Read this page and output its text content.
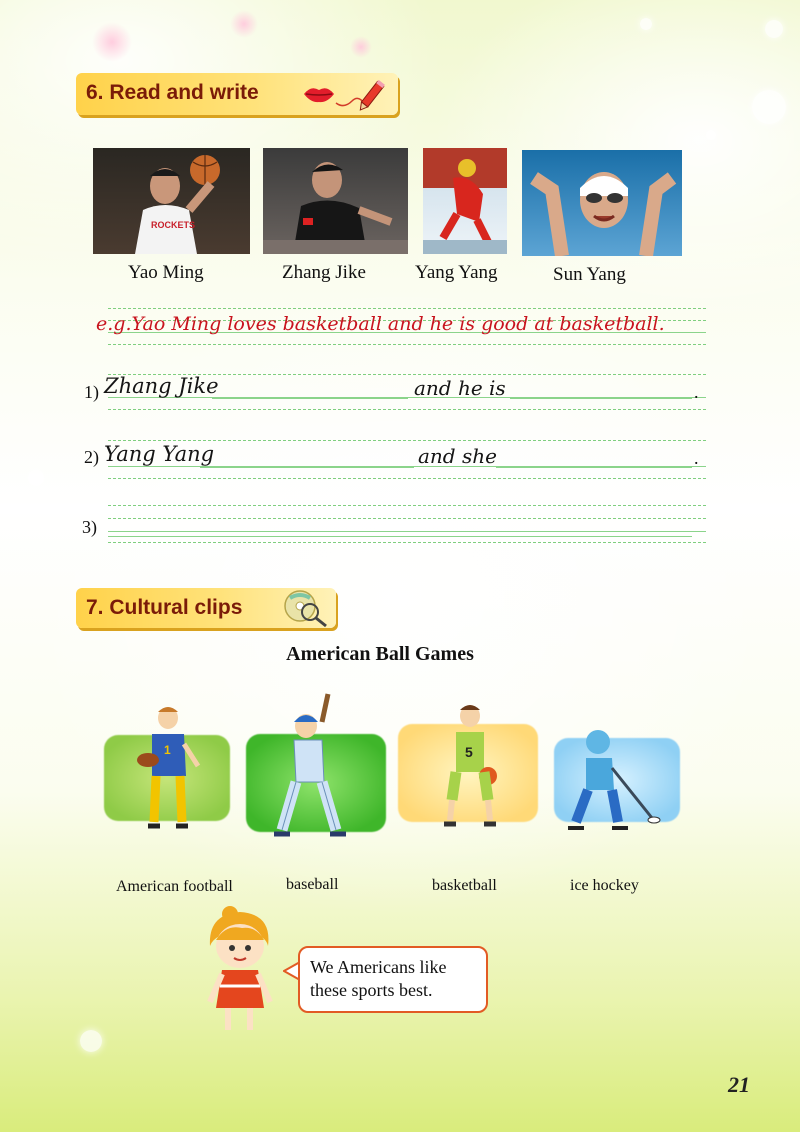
6. Read and write
ROCKETS
Yao Ming	Zhang Jike	Yang Yang	Sun Yang
e.g.Yao Ming loves basketball and he is good at basketball.
1) Zhang Jike	and he is	.
2) Yang Yang	and she	.
3)
7. Cultural clips
American Ball Games
1	5
American football	baseball	basketball	ice hockey
We Americans like
these sports best.
21
